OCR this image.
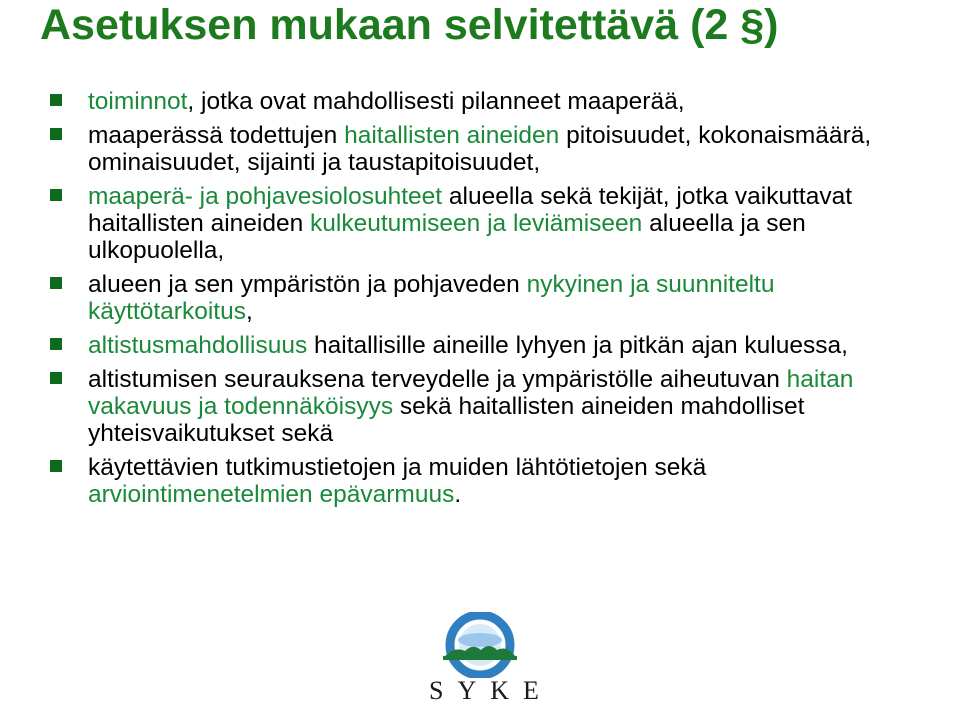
Asetuksen mukaan selvitettävä (2 §)
toiminnot, jotka ovat mahdollisesti pilanneet maaperää,
maaperässä todettujen haitallisten aineiden pitoisuudet, kokonaismäärä, ominaisuudet, sijainti ja taustapitoisuudet,
maaperä- ja pohjavesiolosuhteet alueella sekä tekijät, jotka vaikuttavat haitallisten aineiden kulkeutumiseen ja leviämiseen alueella ja sen ulkopuolella,
alueen ja sen ympäristön ja pohjaveden nykyinen ja suunniteltu käyttötarkoitus,
altistusmahdollisuus haitallisille aineille lyhyen ja pitkän ajan kuluessa,
altistumisen seurauksena terveydelle ja ympäristölle aiheutuvan haitan vakavuus ja todennäköisyys sekä haitallisten aineiden mahdolliset yhteisvaikutukset sekä
käytettävien tutkimustietojen ja muiden lähtötietojen sekä arviointimenetelmien epävarmuus.
SYKE
